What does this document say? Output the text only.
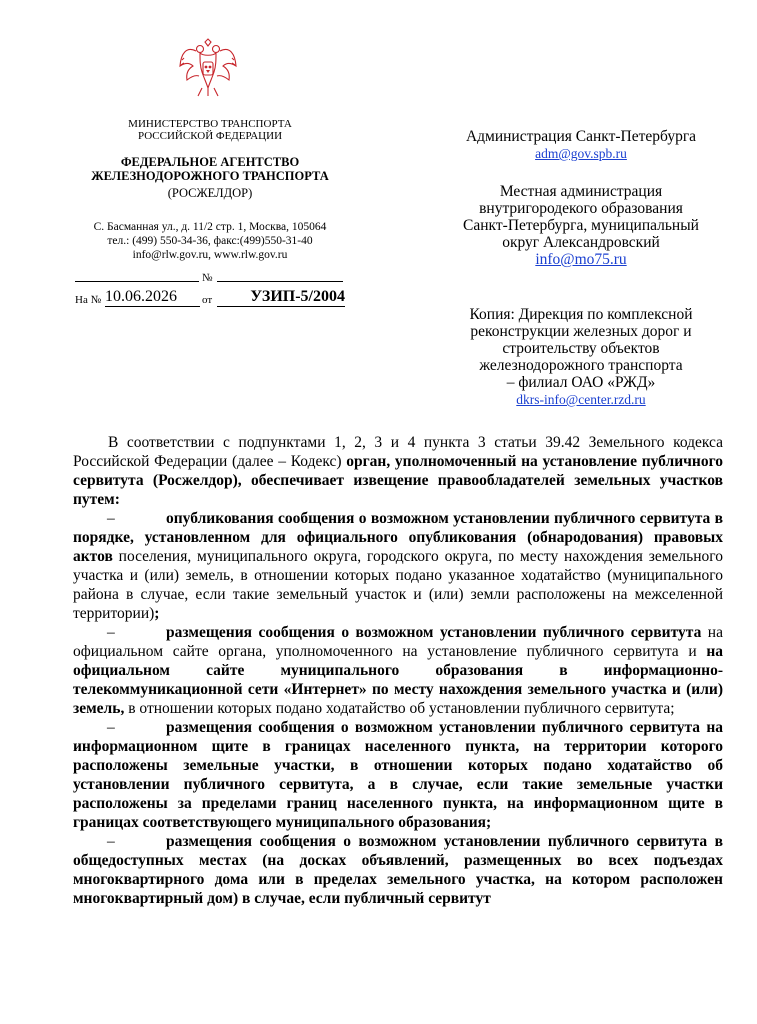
МИНИСТЕРСТВО ТРАНСПОРТА
РОССИЙСКОЙ ФЕДЕРАЦИИ
ФЕДЕРАЛЬНОЕ АГЕНТСТВО
ЖЕЛЕЗНОДОРОЖНОГО ТРАНСПОРТА
(РОСЖЕЛДОР)
С. Басманная ул., д. 11/2 стр. 1, Москва, 105064
тел.: (499) 550-34-36, факс:(499)550-31-40
info@rlw.gov.ru, www.rlw.gov.ru
№
На № 10.06.2026	от	УЗИП-5/2004
Администрация Санкт-Петербурга
adm@gov.spb.ru
Местная администрация
внутригородекого образования
Санкт-Петербурга, муниципальный
округ Александровский
info@mo75.ru
Копия: Дирекция по комплексной
реконструкции железных дорог и
строительству объектов
железнодорожного транспорта
– филиал ОАО «РЖД»
dkrs-info@center.rzd.ru

В соответствии с подпунктами 1, 2, 3 и 4 пункта 3 статьи 39.42 Земельного кодекса Российской Федерации (далее – Кодекс) орган, уполномоченный на установление публичного сервитута (Росжелдор), обеспечивает извещение правообладателей земельных участков путем:

–	опубликования сообщения о возможном установлении публичного сервитута в порядке, установленном для официального опубликования (обнародования) правовых актов поселения, муниципального округа, городского округа, по месту нахождения земельного участка и (или) земель, в отношении которых подано указанное ходатайство (муниципального района в случае, если такие земельный участок и (или) земли расположены на межселенной территории);

–	размещения сообщения о возможном установлении публичного сервитута на официальном сайте органа, уполномоченного на установление публичного сервитута и на официальном сайте муниципального образования в информационно-телекоммуникационной сети «Интернет» по месту нахождения земельного участка и (или) земель, в отношении которых подано ходатайство об установлении публичного сервитута;

–	размещения сообщения о возможном установлении публичного сервитута на информационном щите в границах населенного пункта, на территории которого расположены земельные участки, в отношении которых подано ходатайство об установлении публичного сервитута, а в случае, если такие земельные участки расположены за пределами границ населенного пункта, на информационном щите в границах соответствующего муниципального образования;

–	размещения сообщения о возможном установлении публичного сервитута в общедоступных местах (на досках объявлений, размещенных во всех подъездах многоквартирного дома или в пределах земельного участка, на котором расположен многоквартирный дом) в случае, если публичный сервитут
